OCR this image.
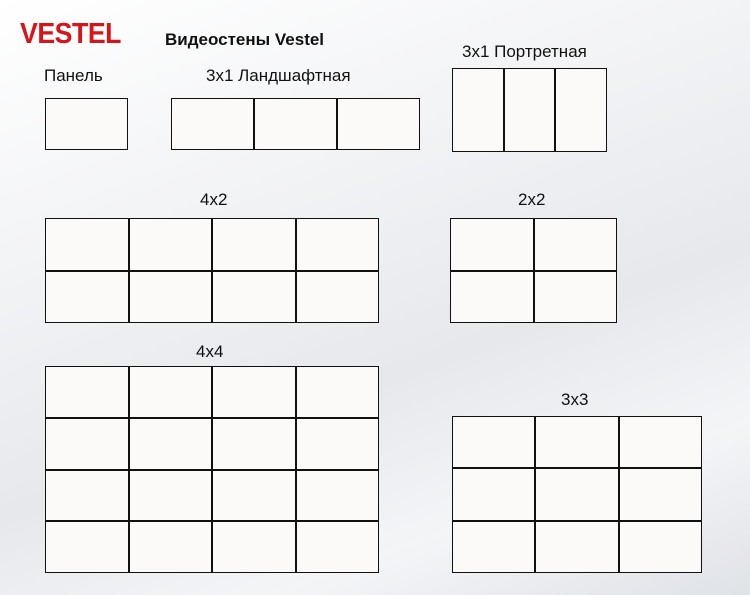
VESTEL	Видеостены Vestel
Панель	3x1 Ландшафтная
3x1 Портретная
4x2	2x2
4x4
3x3
